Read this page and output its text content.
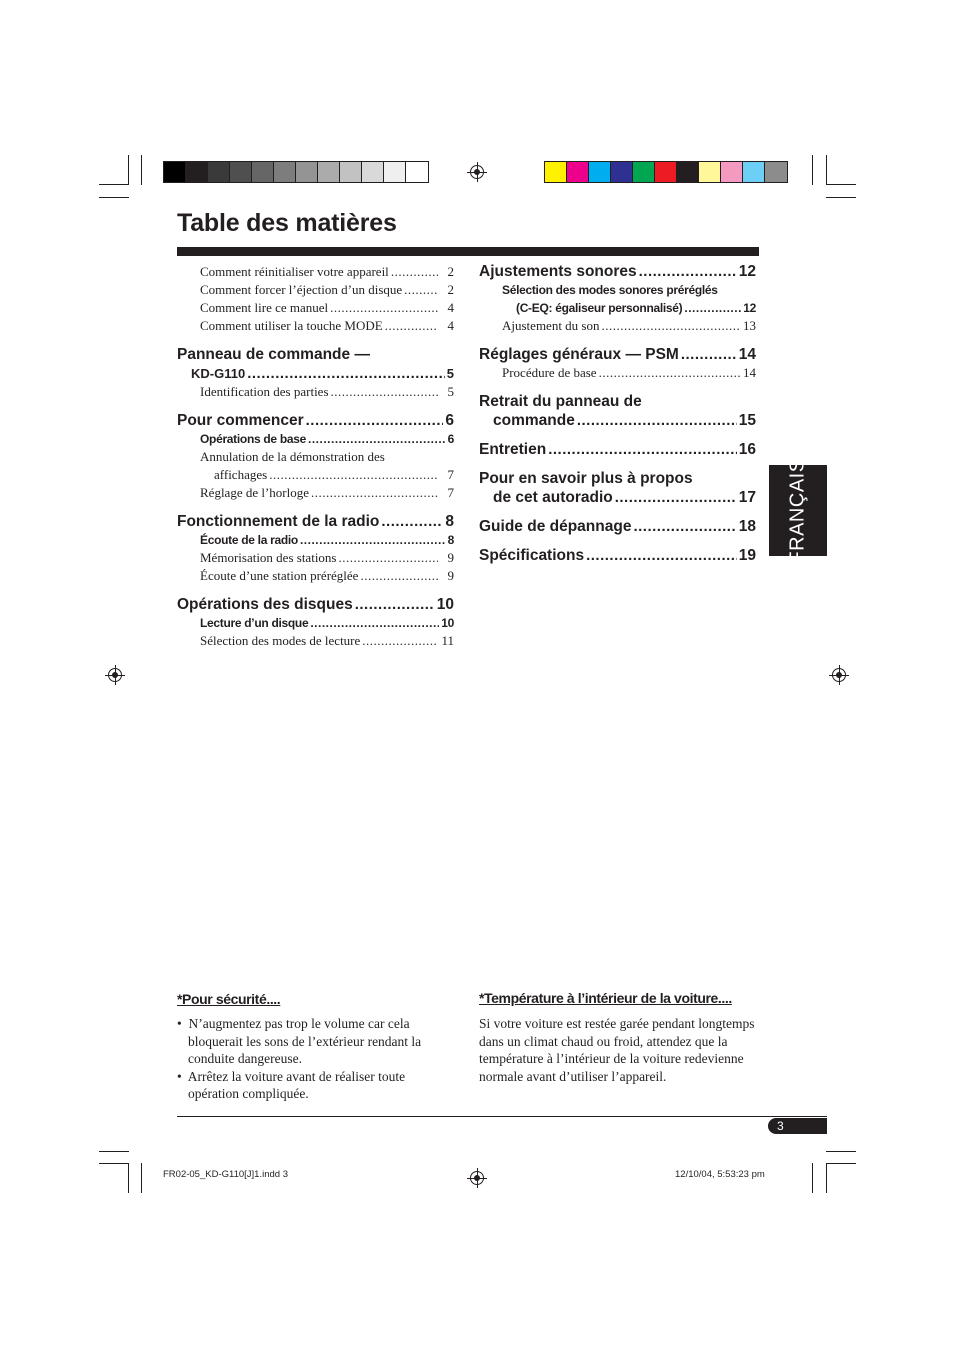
Table des matières
Comment réinitialiser votre appareil .....	2
Comment forcer l’éjection d’un disque .....	2
Comment lire ce manuel .....	4
Comment utiliser la touche MODE .....	4
Panneau de commande —
KD-G110 .....	5
Identification des parties .....	5
Pour commencer .....	6
Opérations de base .....	6
Annulation de la démonstration des
affichages .....	7
Réglage de l’horloge .....	7
Fonctionnement de la radio .....	8
Écoute de la radio .....	8
Mémorisation des stations .....	9
Écoute d’une station préréglée .....	9
Opérations des disques .....	10
Lecture d’un disque .....	10
Sélection des modes de lecture .....	11
Ajustements sonores .....	12
Sélection des modes sonores préréglés
(C-EQ: égaliseur personnalisé) .....	12
Ajustement du son .....	13
Réglages généraux — PSM .....	14
Procédure de base .....	14
Retrait du panneau de
commande .....	15
Entretien .....	16
Pour en savoir plus à propos
de cet autoradio .....	17
Guide de dépannage .....	18
Spécifications .....	19 FRANÇAIS
*Pour sécurité....

•  N’augmentez pas trop le volume car cela bloquerait les sons de l’extérieur rendant la conduite dangereuse.

•  Arrêtez la voiture avant de réaliser toute opération compliquée.

*Température à l’intérieur de la voiture....
Si votre voiture est restée garée pendant longtemps dans un climat chaud ou froid, attendez que la température à l’intérieur de la voiture redevienne normale avant d’utiliser l’appareil.
3
FR02-05_KD-G110[J]1.indd 3	12/10/04, 5:53:23 pm
